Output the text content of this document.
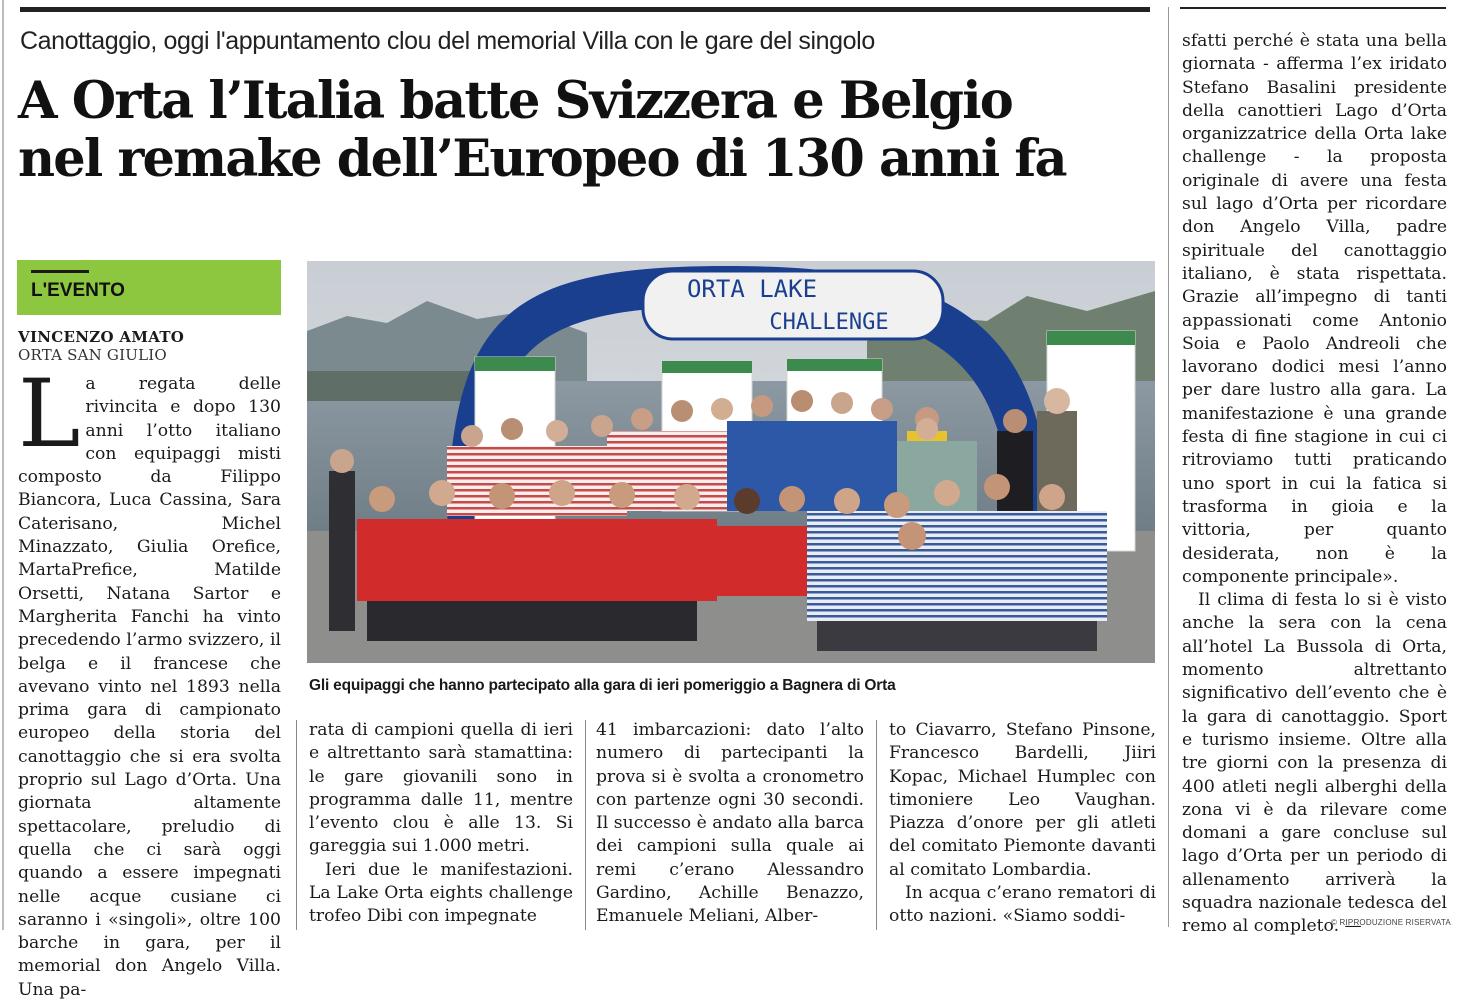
Canottaggio, oggi l'appuntamento clou del memorial Villa con le gare del singolo
A Orta l’Italia batte Svizzera e Belgio
nel remake dell’Europeo di 130 anni fa
L'EVENTO
VINCENZO AMATO
ORTA SAN GIULIO

La regata delle rivincita e dopo 130 anni l’otto italiano con equipaggi misti composto da Filippo Biancora, Luca Cassina, Sara Caterisano, Michel Minazzato, Giulia Orefice, MartaPrefice, Matilde Orsetti, Natana Sartor e Margherita Fanchi ha vinto precedendo l’armo svizzero, il belga e il francese che avevano vinto nel 1893 nella prima gara di campionato europeo della storia del canottaggio che si era svolta proprio sul Lago d’Orta. Una giornata altamente spettacolare, preludio di quella che ci sarà oggi quando a essere impegnati nelle acque cusiane ci saranno i «singoli», oltre 100 barche in gara, per il memorial don Angelo Villa. Una pa-

ORTA LAKE
CHALLENGE
Gli equipaggi che hanno partecipato alla gara di ieri pomeriggio a Bagnera di Orta

rata di campioni quella di ieri e altrettanto sarà stamattina: le gare giovanili sono in programma dalle 11, mentre l’evento clou è alle 13. Si gareggia sui 1.000 metri.

Ieri due le manifestazioni. La Lake Orta eights challenge trofeo Dibi con impegnate

41 imbarcazioni: dato l’alto numero di partecipanti la prova si è svolta a cronometro con partenze ogni 30 secondi. Il successo è andato alla barca dei campioni sulla quale ai remi c’erano Alessandro Gardino, Achille Benazzo, Emanuele Meliani, Alber-

to Ciavarro, Stefano Pinsone, Francesco Bardelli, Jiiri Kopac, Michael Humplec con timoniere Leo Vaughan. Piazza d’onore per gli atleti del comitato Piemonte davanti al comitato Lombardia.

In acqua c’erano rematori di otto nazioni. «Siamo soddi-

sfatti perché è stata una bella giornata - afferma l’ex iridato Stefano Basalini presidente della canottieri Lago d’Orta organizzatrice della Orta lake challenge - la proposta originale di avere una festa sul lago d’Orta per ricordare don Angelo Villa, padre spirituale del canottaggio italiano, è stata rispettata. Grazie all’impegno di tanti appassionati come Antonio Soia e Paolo Andreoli che lavorano dodici mesi l’anno per dare lustro alla gara. La manifestazione è una grande festa di fine stagione in cui ci ritroviamo tutti praticando uno sport in cui la fatica si trasforma in gioia e la vittoria, per quanto desiderata, non è la componente principale».

Il clima di festa lo si è visto anche la sera con la cena all’hotel La Bussola di Orta, momento altrettanto significativo dell’evento che è la gara di canottaggio. Sport e turismo insieme. Oltre alla tre giorni con la presenza di 400 atleti negli alberghi della zona vi è da rilevare come domani a gare concluse sul lago d’Orta per un periodo di allenamento arriverà la squadra nazionale tedesca del remo al completo. —

© RIPRODUZIONE RISERVATA
